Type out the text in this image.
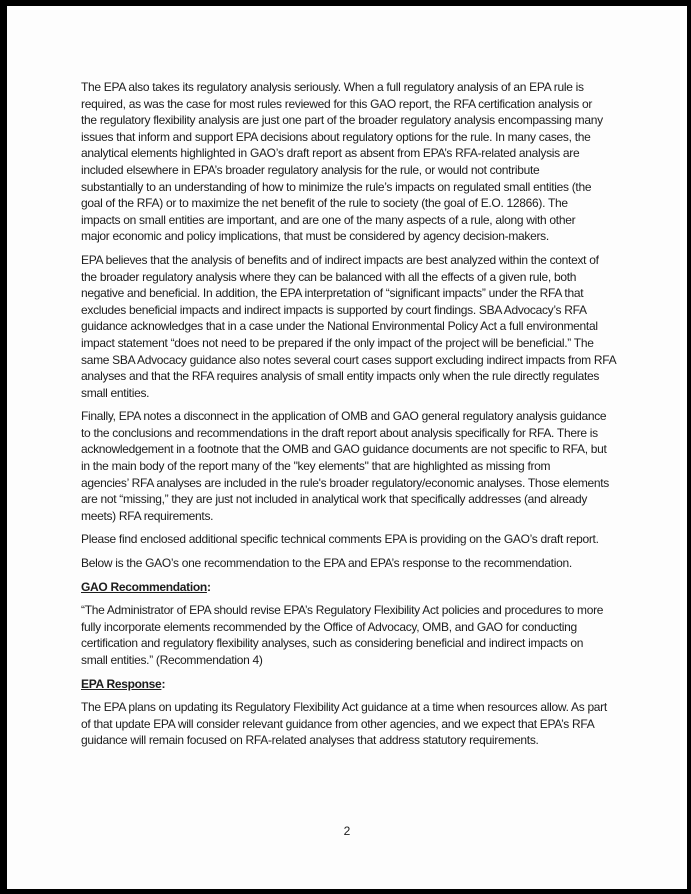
The EPA also takes its regulatory analysis seriously. When a full regulatory analysis of an EPA rule is
required, as was the case for most rules reviewed for this GAO report, the RFA certification analysis or
the regulatory flexibility analysis are just one part of the broader regulatory analysis encompassing many
issues that inform and support EPA decisions about regulatory options for the rule. In many cases, the
analytical elements highlighted in GAO’s draft report as absent from EPA’s RFA-related analysis are
included elsewhere in EPA’s broader regulatory analysis for the rule, or would not contribute
substantially to an understanding of how to minimize the rule’s impacts on regulated small entities (the
goal of the RFA) or to maximize the net benefit of the rule to society (the goal of E.O. 12866). The
impacts on small entities are important, and are one of the many aspects of a rule, along with other
major economic and policy implications, that must be considered by agency decision-makers.

EPA believes that the analysis of benefits and of indirect impacts are best analyzed within the context of
the broader regulatory analysis where they can be balanced with all the effects of a given rule, both
negative and beneficial. In addition, the EPA interpretation of “significant impacts” under the RFA that
excludes beneficial impacts and indirect impacts is supported by court findings. SBA Advocacy’s RFA
guidance acknowledges that in a case under the National Environmental Policy Act a full environmental
impact statement “does not need to be prepared if the only impact of the project will be beneficial.” The
same SBA Advocacy guidance also notes several court cases support excluding indirect impacts from RFA
analyses and that the RFA requires analysis of small entity impacts only when the rule directly regulates
small entities.

Finally, EPA notes a disconnect in the application of OMB and GAO general regulatory analysis guidance
to the conclusions and recommendations in the draft report about analysis specifically for RFA. There is
acknowledgement in a footnote that the OMB and GAO guidance documents are not specific to RFA, but
in the main body of the report many of the "key elements" that are highlighted as missing from
agencies’ RFA analyses are included in the rule's broader regulatory/economic analyses. Those elements
are not “missing,” they are just not included in analytical work that specifically addresses (and already
meets) RFA requirements.

Please find enclosed additional specific technical comments EPA is providing on the GAO’s draft report.

Below is the GAO’s one recommendation to the EPA and EPA’s response to the recommendation.

GAO Recommendation:

“The Administrator of EPA should revise EPA’s Regulatory Flexibility Act policies and procedures to more
fully incorporate elements recommended by the Office of Advocacy, OMB, and GAO for conducting
certification and regulatory flexibility analyses, such as considering beneficial and indirect impacts on
small entities.” (Recommendation 4)

EPA Response:

The EPA plans on updating its Regulatory Flexibility Act guidance at a time when resources allow. As part
of that update EPA will consider relevant guidance from other agencies, and we expect that EPA’s RFA
guidance will remain focused on RFA-related analyses that address statutory requirements.

2
